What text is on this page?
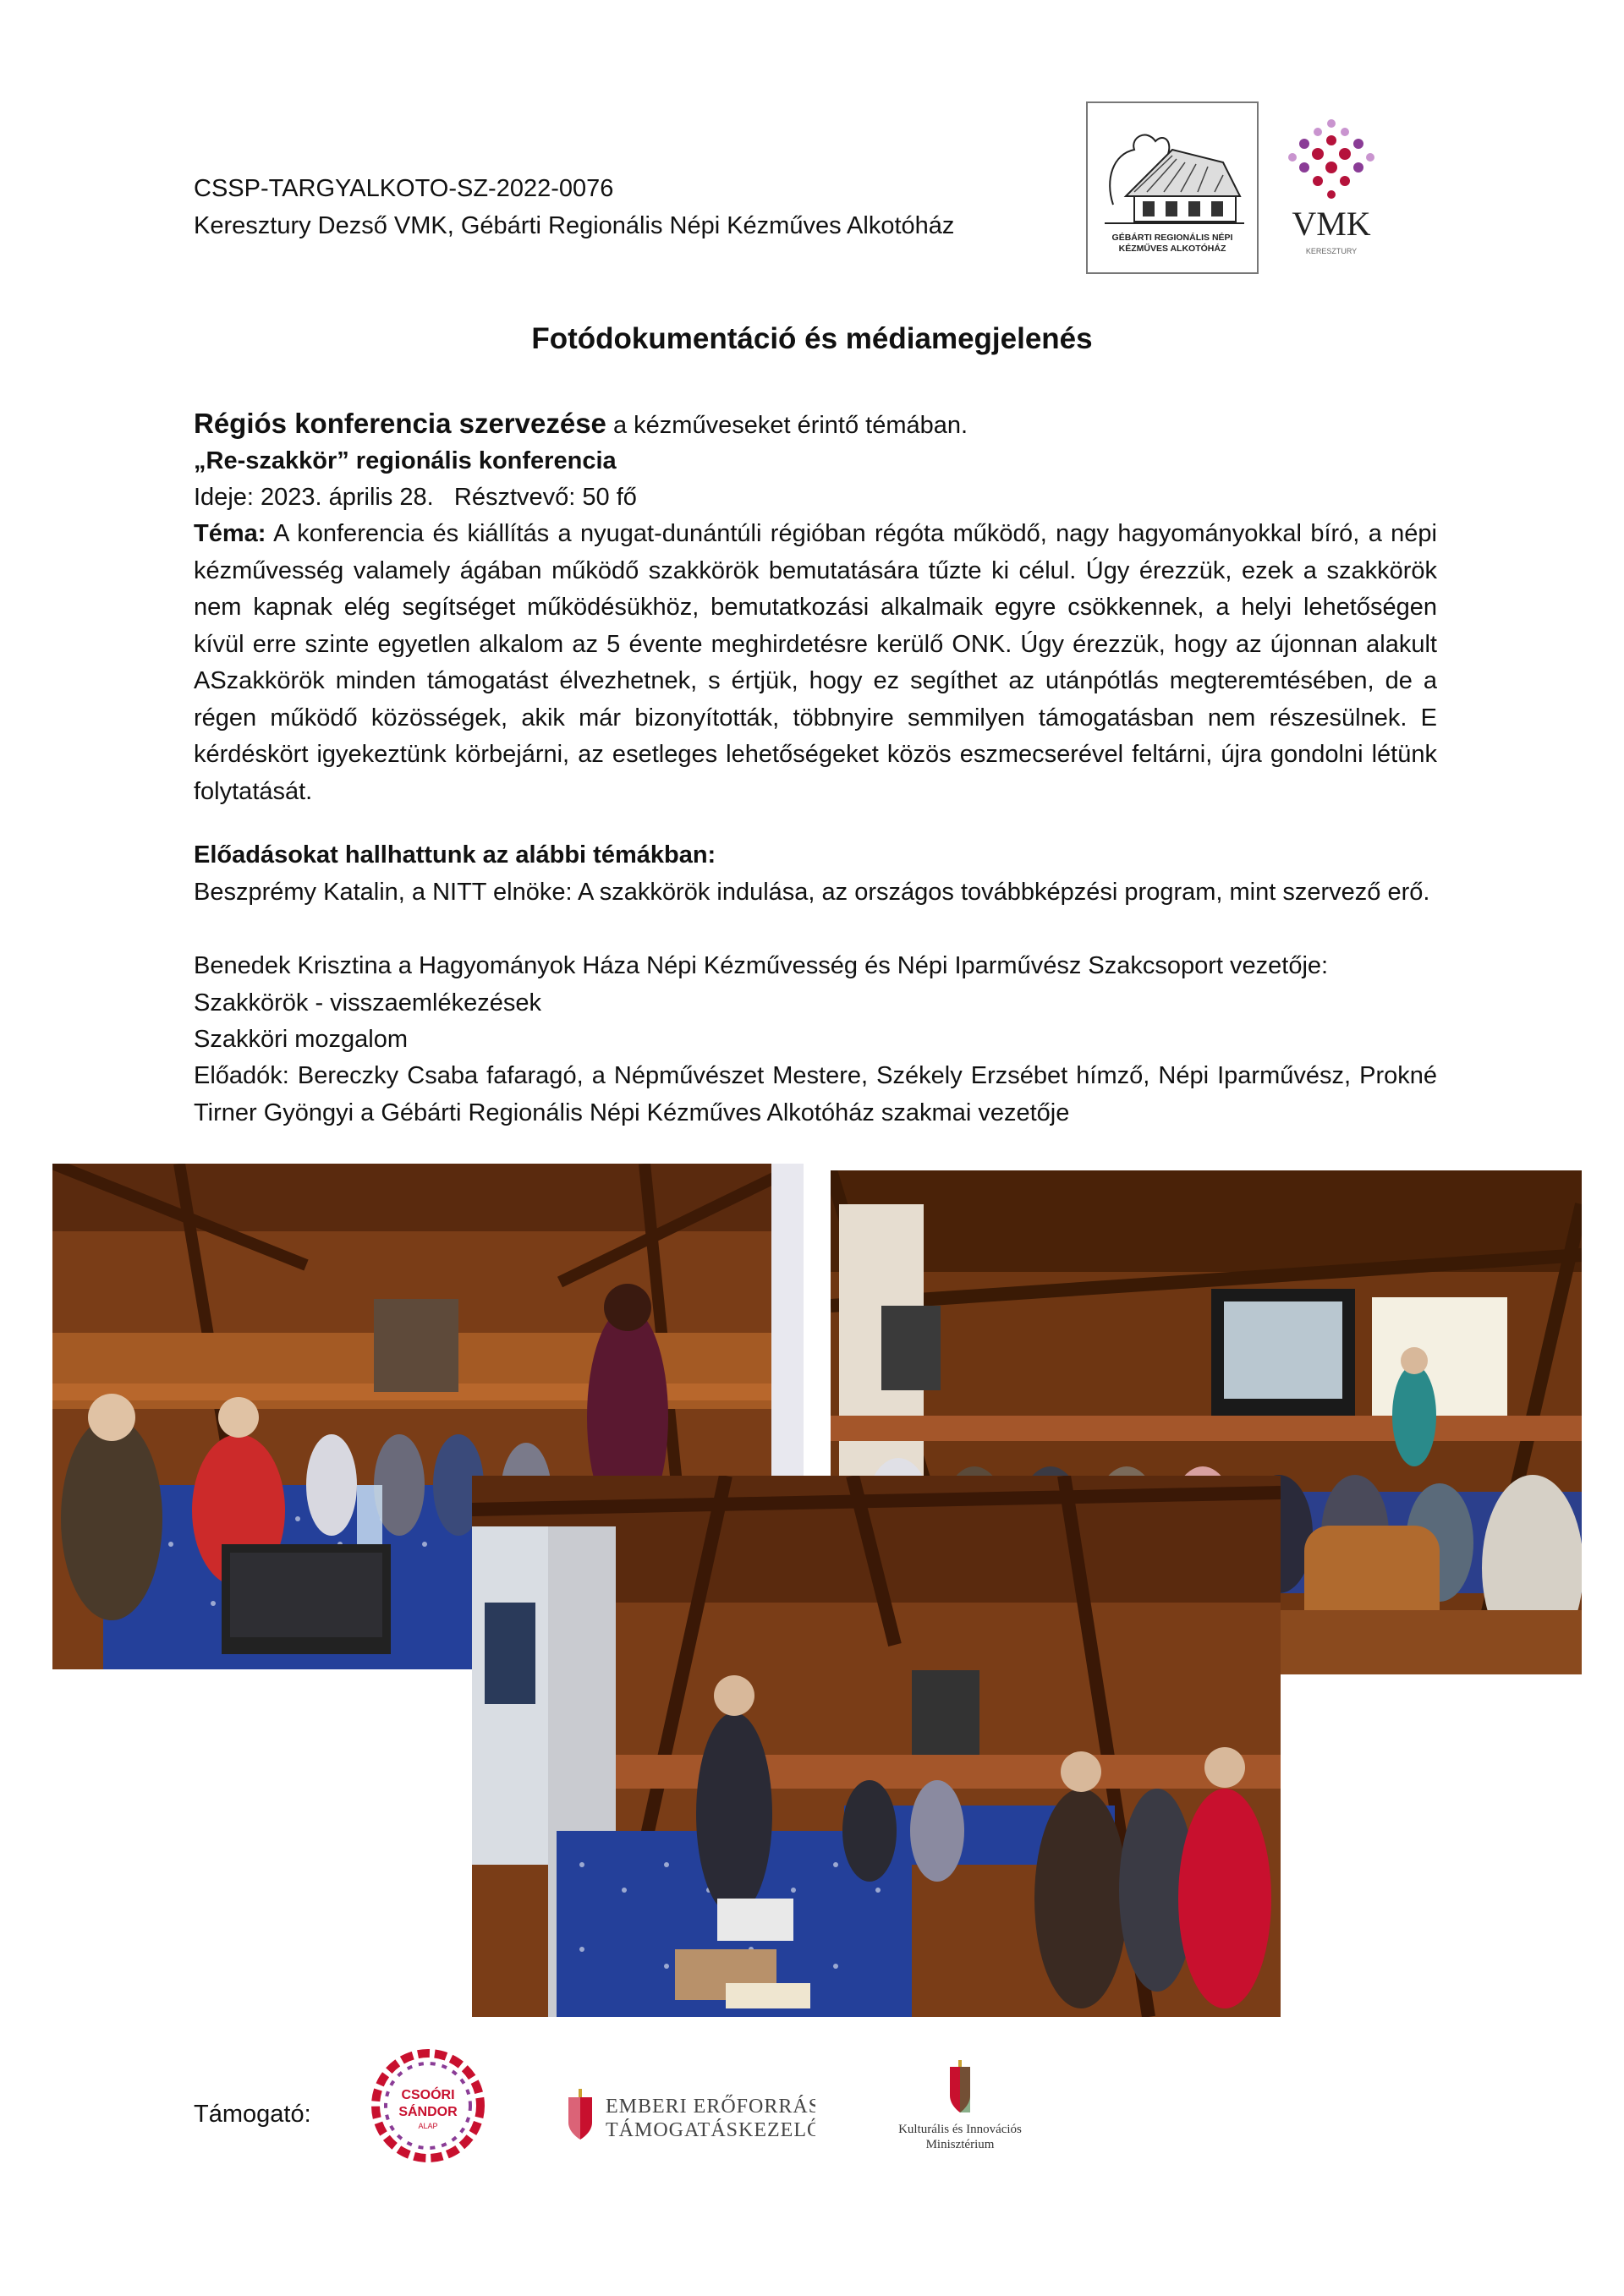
CSSP-TARGYALKOTO-SZ-2022-0076
Keresztury Dezső VMK, Gébárti Regionális Népi Kézműves Alkotóház	GÉBÁRTI REGIONÁLIS NÉPI
KÉZMŰVES ALKOTÓHÁZ
VMK
KERESZTURY
Fotódokumentáció és médiamegjelenés

Régiós konferencia szervezése a kézműveseket érintő témában.

„Re-szakkör” regionális konferencia

Ideje: 2023. április 28.   Résztvevő: 50 fő

Téma: A konferencia és kiállítás a nyugat-dunántúli régióban régóta működő, nagy hagyományokkal bíró, a népi kézművesség valamely ágában működő szakkörök bemutatására tűzte ki célul. Úgy érezzük, ezek a szakkörök nem kapnak elég segítséget működésükhöz, bemutatkozási alkalmaik egyre csökkennek, a helyi lehetőségen kívül erre szinte egyetlen alkalom az 5 évente meghirdetésre kerülő ONK. Úgy érezzük, hogy az újonnan alakult ASzakkörök minden támogatást élvezhetnek, s értjük, hogy ez segíthet az utánpótlás megteremtésében, de a régen működő közösségek, akik már bizonyították, többnyire semmilyen támogatásban nem részesülnek. E kérdéskört igyekeztünk körbejárni, az esetleges lehetőségeket közös eszmecserével feltárni, újra gondolni létünk folytatását.

Előadásokat hallhattunk az alábbi témákban:

Beszprémy Katalin, a NITT elnöke: A szakkörök indulása, az országos továbbképzési program, mint szervező erő.

Benedek Krisztina a Hagyományok Háza Népi Kézművesség és Népi Iparművész Szakcsoport vezetője: Szakkörök - visszaemlékezések

Szakköri mozgalom

Előadók: Bereczky Csaba fafaragó, a Népművészet Mestere, Székely Erzsébet hímző, Népi Iparművész, Prokné Tirner Gyöngyi a Gébárti Regionális Népi Kézműves Alkotóház szakmai vezetője

Támogató:
CSOÓRI
SÁNDOR
ALAP
EMBERI ERŐFORRÁS
TÁMOGATÁSKEZELŐ	Kulturális és Innovációs
Minisztérium
